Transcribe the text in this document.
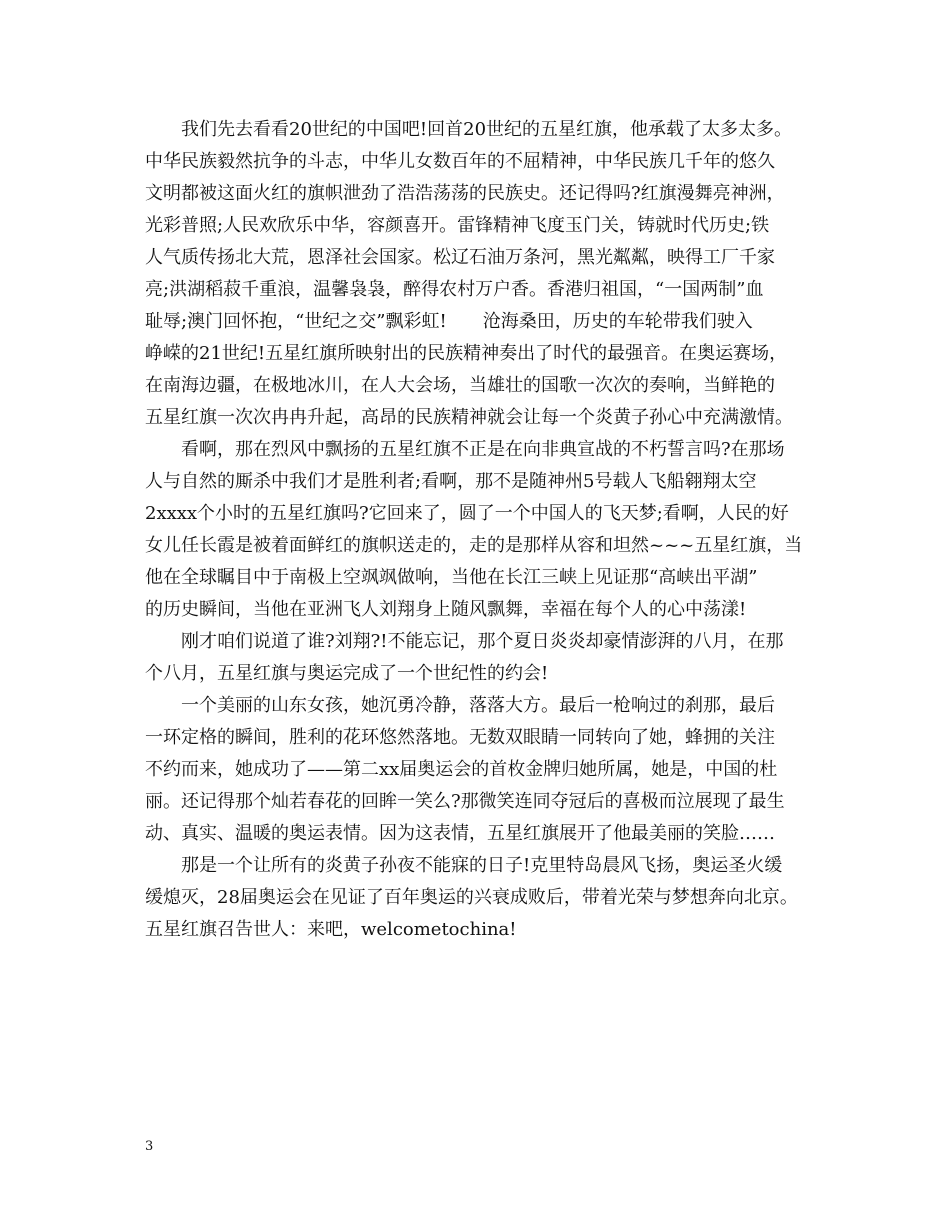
　　我们先去看看20世纪的中国吧!回首20世纪的五星红旗，他承载了太多太多。
中华民族毅然抗争的斗志，中华儿女数百年的不屈精神，中华民族几千年的悠久
文明都被这面火红的旗帜泄劲了浩浩荡荡的民族史。还记得吗?红旗漫舞亮神洲，
光彩普照;人民欢欣乐中华，容颜喜开。雷锋精神飞度玉门关，铸就时代历史;铁
人气质传扬北大荒，恩泽社会国家。松辽石油万条河，黑光粼粼，映得工厂千家
亮;洪湖稻菽千重浪，温馨袅袅，醉得农村万户香。香港归祖国，“一国两制”血
耻辱;澳门回怀抱，“世纪之交”飘彩虹!　　沧海桑田，历史的车轮带我们驶入
峥嵘的21世纪!五星红旗所映射出的民族精神奏出了时代的最强音。在奥运赛场，
在南海边疆，在极地冰川，在人大会场，当雄壮的国歌一次次的奏响，当鲜艳的
五星红旗一次次冉冉升起，高昂的民族精神就会让每一个炎黄子孙心中充满激情。
　　看啊，那在烈风中飘扬的五星红旗不正是在向非典宣战的不朽誓言吗?在那场
人与自然的厮杀中我们才是胜利者;看啊，那不是随神州5号载人飞船翱翔太空
2xxxx个小时的五星红旗吗?它回来了，圆了一个中国人的飞天梦;看啊，人民的好
女儿任长霞是被着面鲜红的旗帜送走的，走的是那样从容和坦然~~~五星红旗，当
他在全球瞩目中于南极上空飒飒做响，当他在长江三峡上见证那“高峡出平湖”
的历史瞬间，当他在亚洲飞人刘翔身上随风飘舞，幸福在每个人的心中荡漾!
　　刚才咱们说道了谁?刘翔?!不能忘记，那个夏日炎炎却豪情澎湃的八月，在那
个八月，五星红旗与奥运完成了一个世纪性的约会!
　　一个美丽的山东女孩，她沉勇冷静，落落大方。最后一枪响过的刹那，最后
一环定格的瞬间，胜利的花环悠然落地。无数双眼睛一同转向了她，蜂拥的关注
不约而来，她成功了——第二xx届奥运会的首枚金牌归她所属，她是，中国的杜
丽。还记得那个灿若春花的回眸一笑么?那微笑连同夺冠后的喜极而泣展现了最生
动、真实、温暖的奥运表情。因为这表情，五星红旗展开了他最美丽的笑脸……
　　那是一个让所有的炎黄子孙夜不能寐的日子!克里特岛晨风飞扬，奥运圣火缓
缓熄灭，28届奥运会在见证了百年奥运的兴衰成败后，带着光荣与梦想奔向北京。
五星红旗召告世人：来吧，welcometochina!
3
